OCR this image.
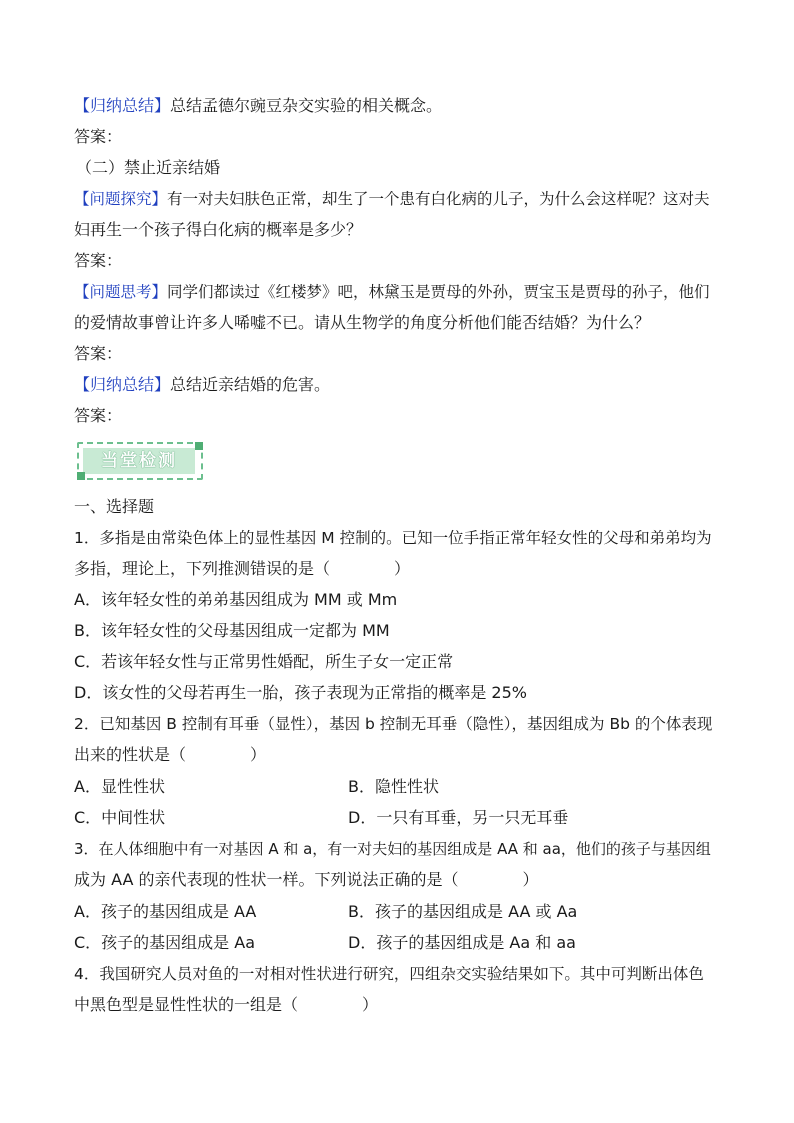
【归纳总结】总结孟德尔豌豆杂交实验的相关概念。
答案：
（二）禁止近亲结婚
【问题探究】有一对夫妇肤色正常，却生了一个患有白化病的儿子，为什么会这样呢？这对夫
妇再生一个孩子得白化病的概率是多少？
答案：
【问题思考】同学们都读过《红楼梦》吧，林黛玉是贾母的外孙，贾宝玉是贾母的孙子，他们
的爱情故事曾让许多人唏嘘不已。请从生物学的角度分析他们能否结婚？为什么？
答案：
【归纳总结】总结近亲结婚的危害。
答案：
当堂检测
一、选择题
1．多指是由常染色体上的显性基因 M 控制的。已知一位手指正常年轻女性的父母和弟弟均为
多指，理论上，下列推测错误的是（　　　　）
A．该年轻女性的弟弟基因组成为 MM 或 Mm
B．该年轻女性的父母基因组成一定都为 MM
C．若该年轻女性与正常男性婚配，所生子女一定正常
D．该女性的父母若再生一胎，孩子表现为正常指的概率是 25%
2．已知基因 B 控制有耳垂（显性），基因 b 控制无耳垂（隐性），基因组成为 Bb 的个体表现
出来的性状是（　　　　）
A．显性性状	B．隐性性状
C．中间性状	D．一只有耳垂，另一只无耳垂
3．在人体细胞中有一对基因 A 和 a，有一对夫妇的基因组成是 AA 和 aa，他们的孩子与基因组
成为 AA 的亲代表现的性状一样。下列说法正确的是（　　　　）
A．孩子的基因组成是 AA	B．孩子的基因组成是 AA 或 Aa
C．孩子的基因组成是 Aa	D．孩子的基因组成是 Aa 和 aa
4．我国研究人员对鱼的一对相对性状进行研究，四组杂交实验结果如下。其中可判断出体色
中黑色型是显性性状的一组是（　　　　）
